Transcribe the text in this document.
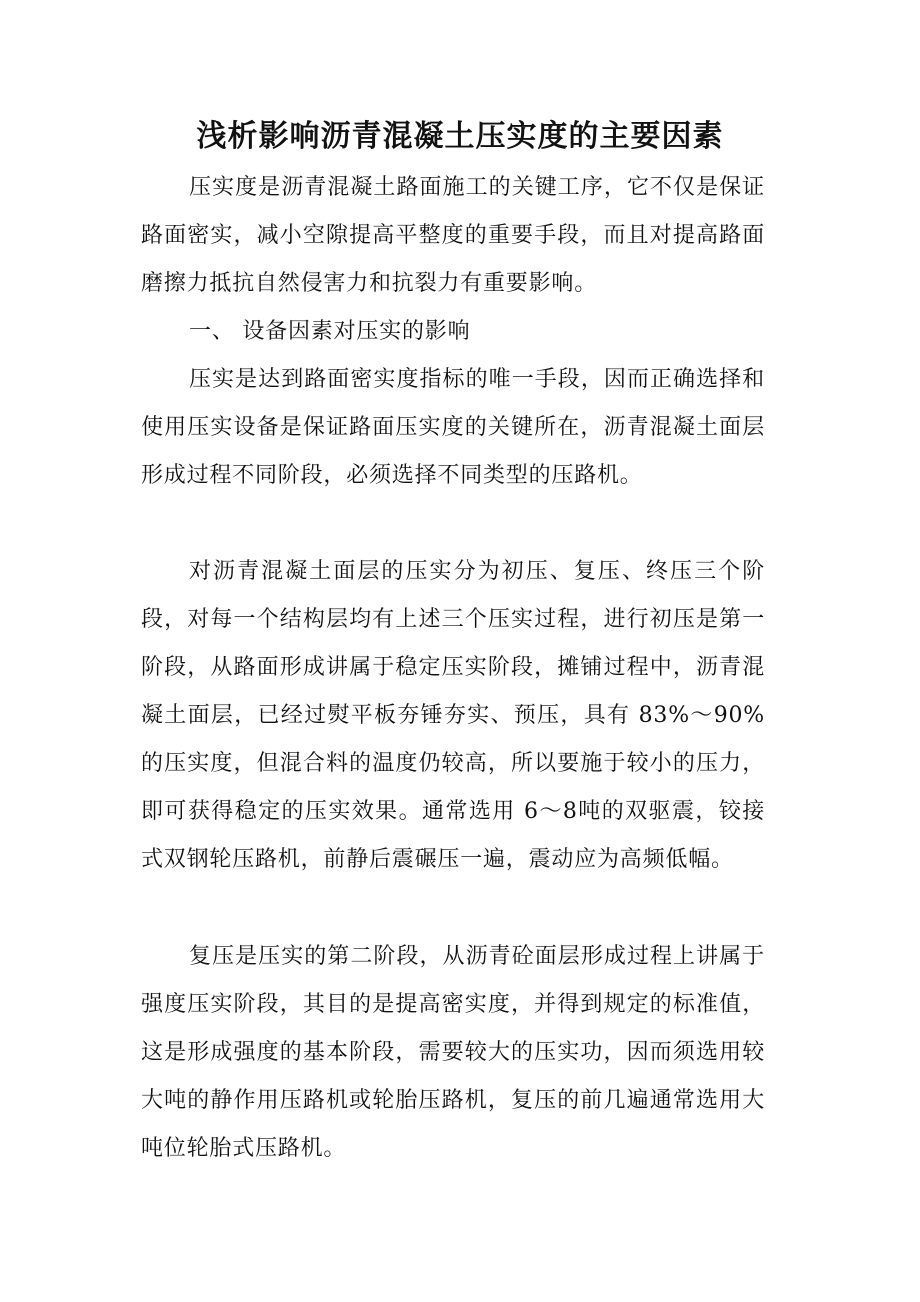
浅析影响沥青混凝土压实度的主要因素

压实度是沥青混凝土路面施工的关键工序，它不仅是保证路面密实，减小空隙提高平整度的重要手段，而且对提高路面磨擦力抵抗自然侵害力和抗裂力有重要影响。

一、 设备因素对压实的影响

压实是达到路面密实度指标的唯一手段，因而正确选择和使用压实设备是保证路面压实度的关键所在，沥青混凝土面层形成过程不同阶段，必须选择不同类型的压路机。

对沥青混凝土面层的压实分为初压、复压、终压三个阶段，对每一个结构层均有上述三个压实过程，进行初压是第一阶段，从路面形成讲属于稳定压实阶段，摊铺过程中，沥青混凝土面层，已经过熨平板夯锤夯实、预压，具有 83%～90%的压实度，但混合料的温度仍较高，所以要施于较小的压力，即可获得稳定的压实效果。通常选用 6～8吨的双驱震，铰接式双钢轮压路机，前静后震碾压一遍，震动应为高频低幅。

复压是压实的第二阶段，从沥青砼面层形成过程上讲属于强度压实阶段，其目的是提高密实度，并得到规定的标准值，这是形成强度的基本阶段，需要较大的压实功，因而须选用较大吨的静作用压路机或轮胎压路机，复压的前几遍通常选用大吨位轮胎式压路机。
